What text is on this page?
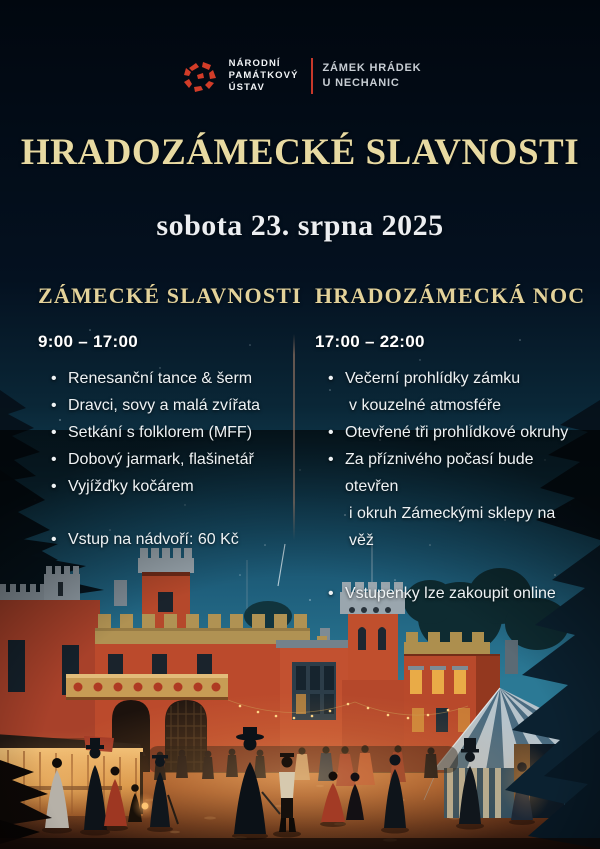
NÁRODNÍ
PAMÁTKOVÝ
ÚSTAV
ZÁMEK HRÁDEK
U NECHANIC
HRADOZÁMECKÉ SLAVNOSTI
sobota 23. srpna 2025
ZÁMECKÉ SLAVNOSTI
9:00 – 17:00
• Renesanční tance & šerm
• Dravci, sovy a malá zvířata
• Setkání s folklorem (MFF)
• Dobový jarmark, flašinetář
• Vyjížďky kočárem
• Vstup na nádvoří: 60 Kč
HRADOZÁMECKÁ NOC
17:00 – 22:00
• Večerní prohlídky zámku
v kouzelné atmosféře
• Otevřené tři prohlídkové okruhy
• Za příznivého počasí bude otevřen
i okruh Zámeckými sklepy na věž
• Vstupenky lze zakoupit online
